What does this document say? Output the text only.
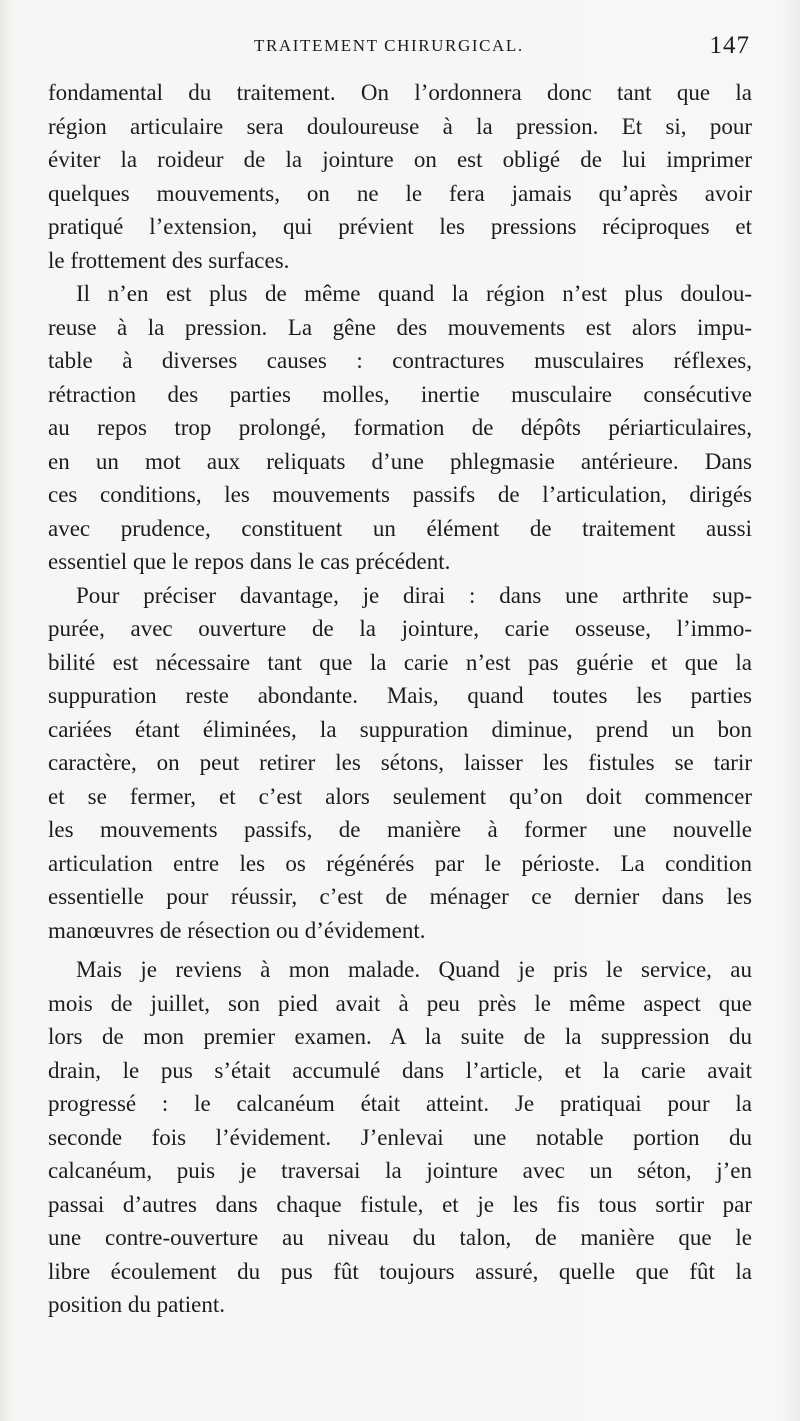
TRAITEMENT CHIRURGICAL.	147
fondamental du traitement. On l’ordonnera donc tant que la
région articulaire sera douloureuse à la pression. Et si, pour
éviter la roideur de la jointure on est obligé de lui imprimer
quelques mouvements, on ne le fera jamais qu’après avoir
pratiqué l’extension, qui prévient les pressions réciproques et
le frottement des surfaces.
Il n’en est plus de même quand la région n’est plus doulou-
reuse à la pression. La gêne des mouvements est alors impu-
table à diverses causes : contractures musculaires réflexes,
rétraction des parties molles, inertie musculaire consécutive
au repos trop prolongé, formation de dépôts périarticulaires,
en un mot aux reliquats d’une phlegmasie antérieure. Dans
ces conditions, les mouvements passifs de l’articulation, dirigés
avec prudence, constituent un élément de traitement aussi
essentiel que le repos dans le cas précédent.
Pour préciser davantage, je dirai : dans une arthrite sup-
purée, avec ouverture de la jointure, carie osseuse, l’immo-
bilité est nécessaire tant que la carie n’est pas guérie et que la
suppuration reste abondante. Mais, quand toutes les parties
cariées étant éliminées, la suppuration diminue, prend un bon
caractère, on peut retirer les sétons, laisser les fistules se tarir
et se fermer, et c’est alors seulement qu’on doit commencer
les mouvements passifs, de manière à former une nouvelle
articulation entre les os régénérés par le périoste. La condition
essentielle pour réussir, c’est de ménager ce dernier dans les
manœuvres de résection ou d’évidement.
Mais je reviens à mon malade. Quand je pris le service, au
mois de juillet, son pied avait à peu près le même aspect que
lors de mon premier examen. A la suite de la suppression du
drain, le pus s’était accumulé dans l’article, et la carie avait
progressé : le calcanéum était atteint. Je pratiquai pour la
seconde fois l’évidement. J’enlevai une notable portion du
calcanéum, puis je traversai la jointure avec un séton, j’en
passai d’autres dans chaque fistule, et je les fis tous sortir par
une contre-ouverture au niveau du talon, de manière que le
libre écoulement du pus fût toujours assuré, quelle que fût la
position du patient.
